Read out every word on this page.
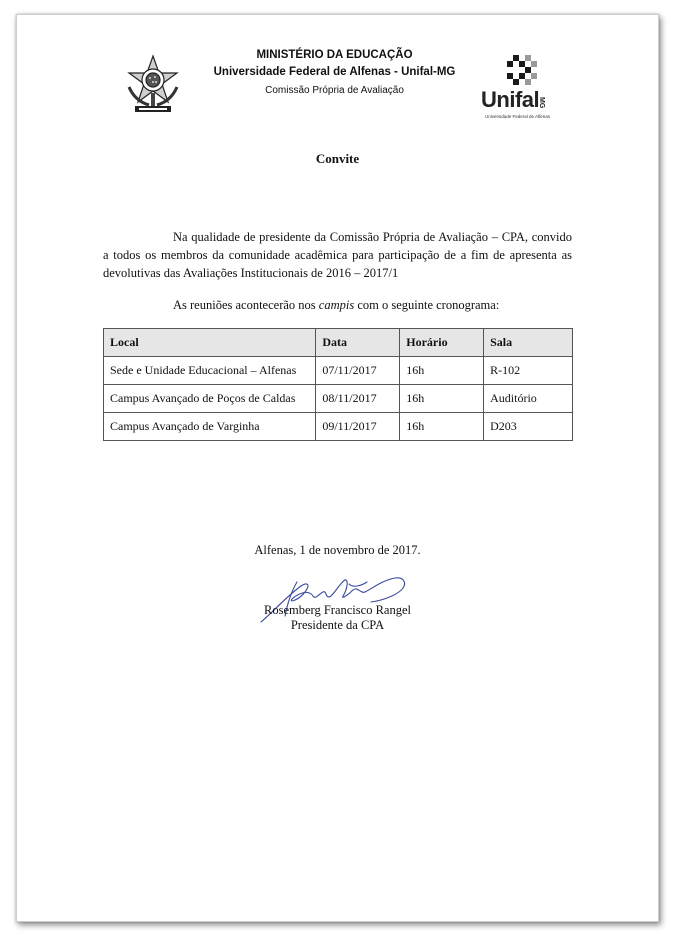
MINISTÉRIO DA EDUCAÇÃO
Universidade Federal de Alfenas - Unifal-MG
Comissão Própria de Avaliação	Unifal
MG
Universidade Federal de Alfenas
Convite
Na qualidade de presidente da Comissão Própria de Avaliação – CPA, convido a todos os membros da comunidade acadêmica para participação de a fim de apresenta as devolutivas das Avaliações Institucionais de 2016 – 2017/1
As reuniões acontecerão nos campis com o seguinte cronograma:
Local	Data	Horário	Sala
Sede e Unidade Educacional – Alfenas	07/11/2017	16h	R-102
Campus Avançado de Poços de Caldas	08/11/2017	16h	Auditório
Campus Avançado de Varginha	09/11/2017	16h	D203
Alfenas, 1 de novembro de 2017.
Rosemberg Francisco Rangel
Presidente da CPA
